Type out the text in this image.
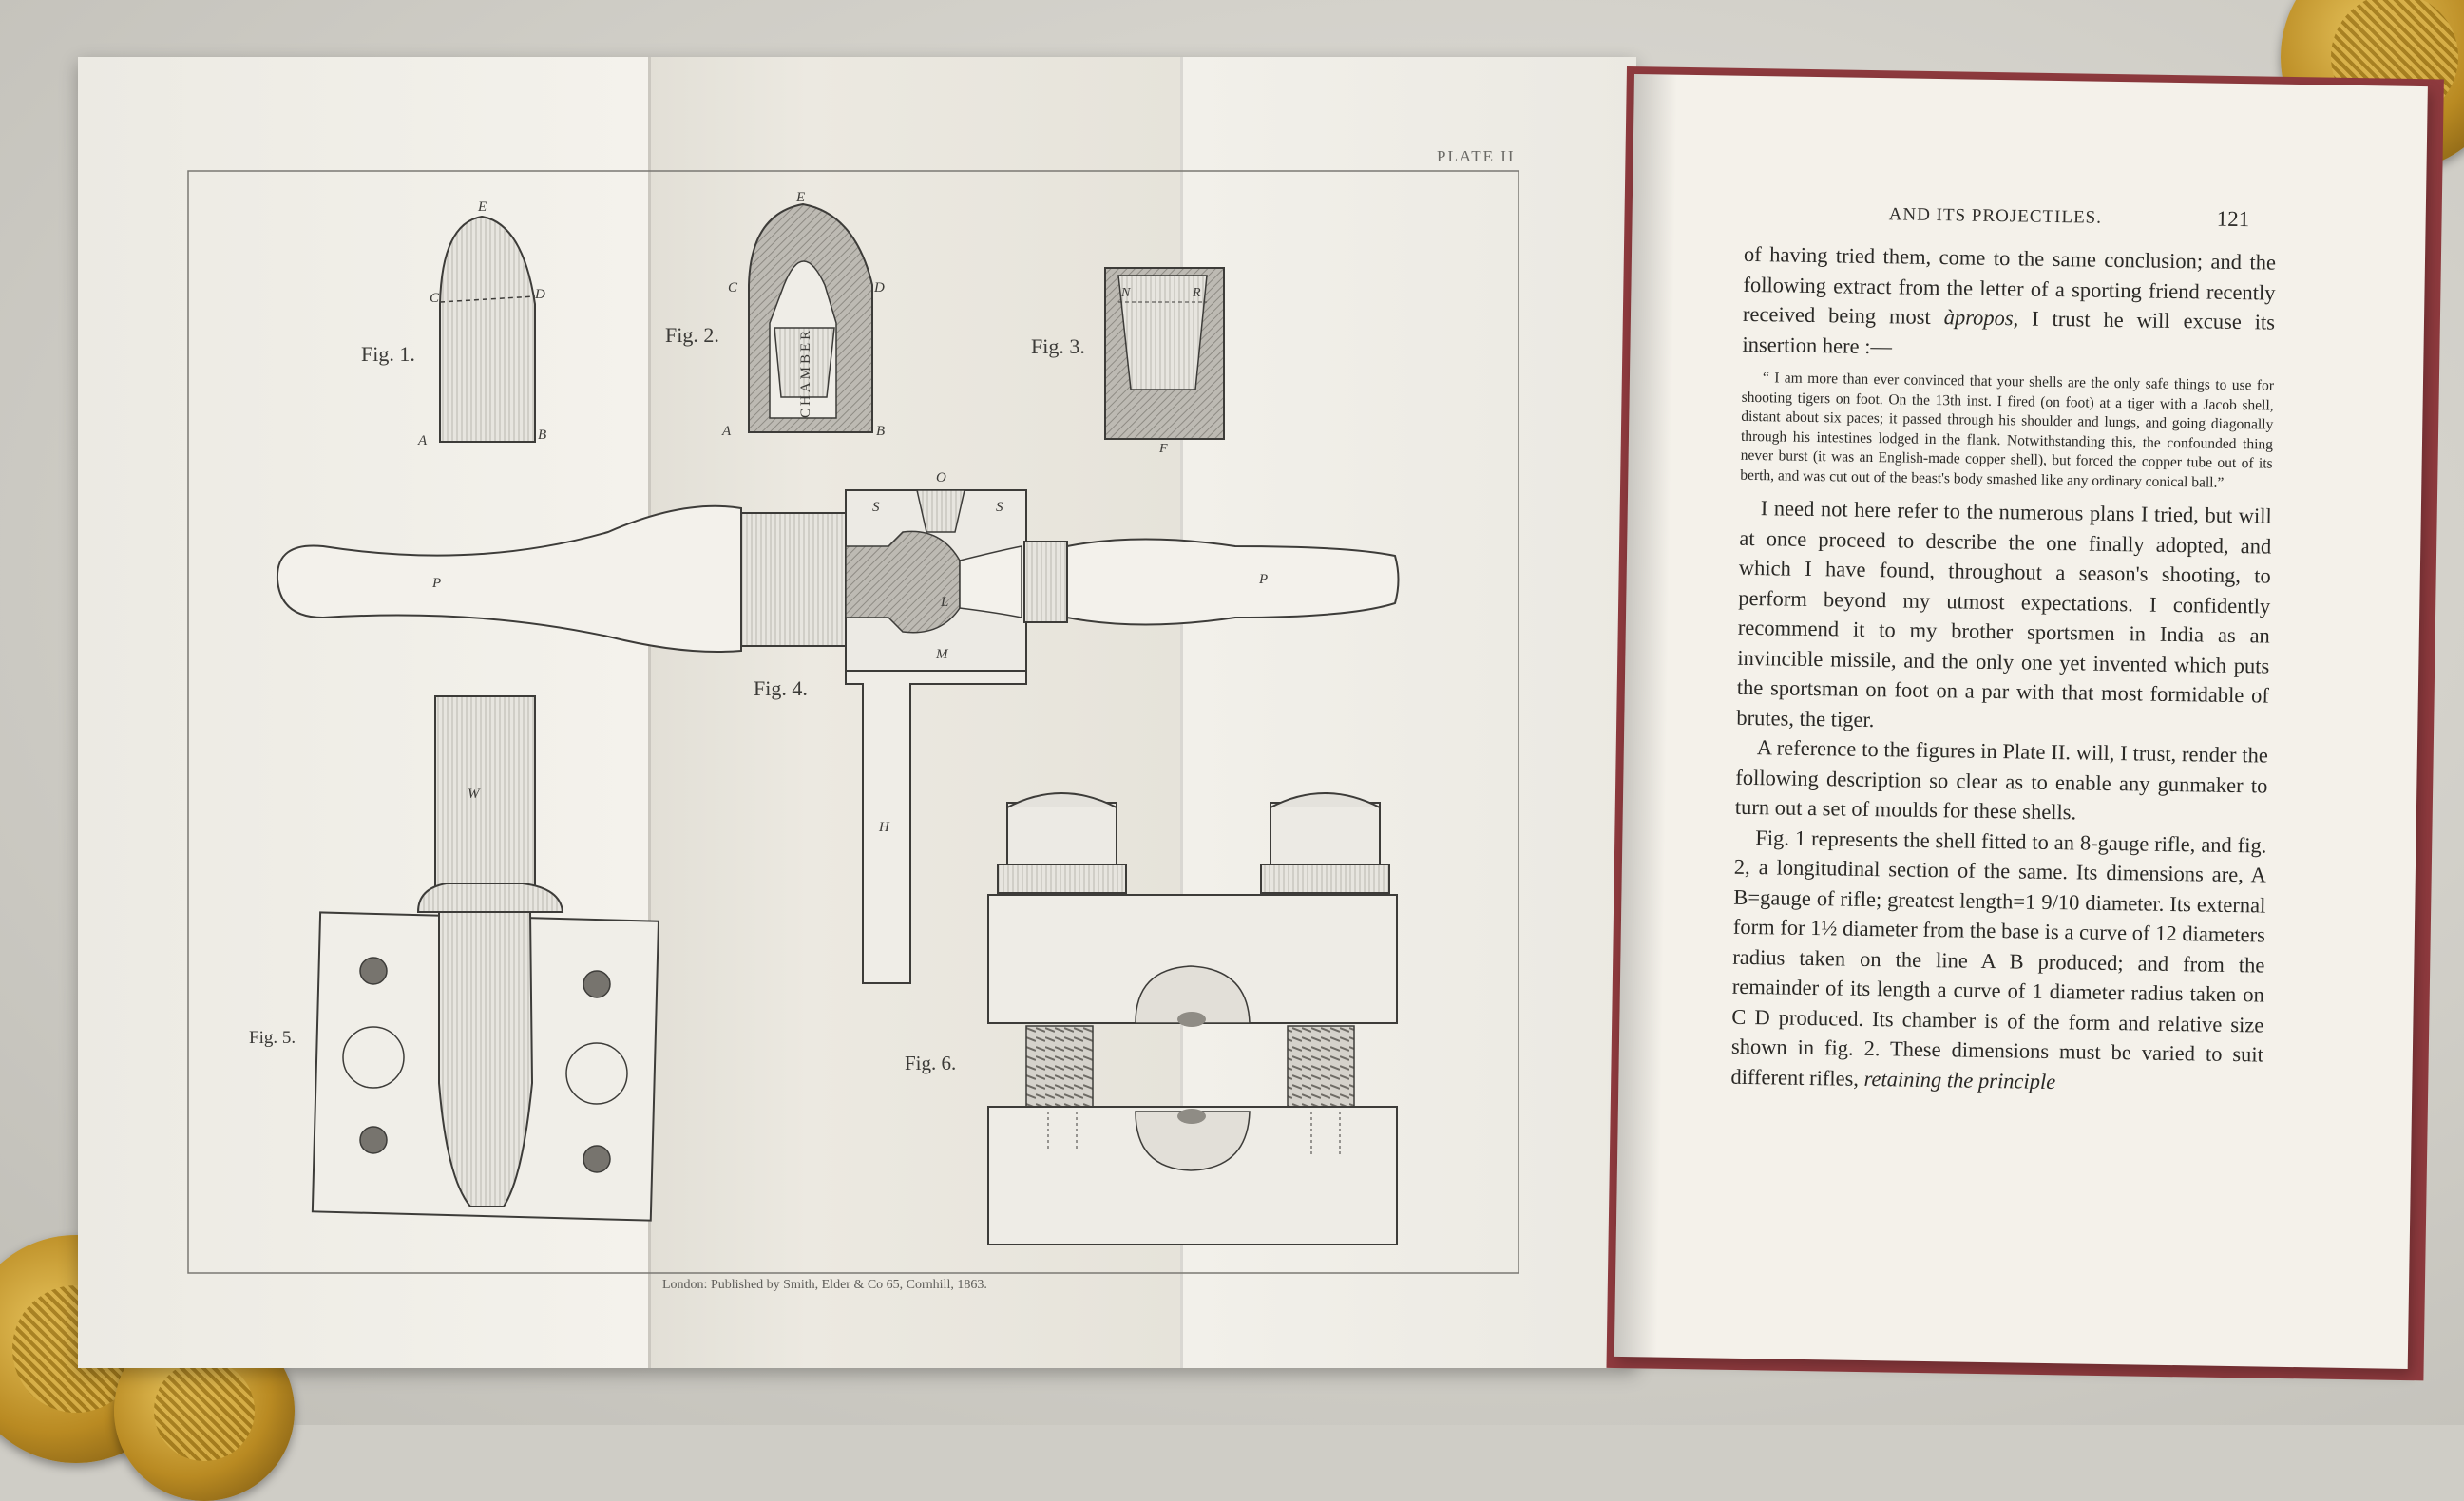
PLATE II
London: Published by Smith, Elder & Co 65, Cornhill, 1863.
Fig. 1.
E
C	D
A	B
CHAMBER
Fig. 2.
E
C	D
A	B
Fig. 3.
N	R
F
Fig. 4.
O
S	S
P	P
L
M
H
Fig. 5.
W
Fig. 6.
AND ITS PROJECTILES.	121

of having tried them, come to the same conclusion; and the following extract from the letter of a sporting friend recently received being most àpropos, I trust he will excuse its insertion here :—

“ I am more than ever convinced that your shells are the only safe things to use for shooting tigers on foot. On the 13th inst. I fired (on foot) at a tiger with a Jacob shell, distant about six paces; it passed through his shoulder and lungs, and going diagonally through his intestines lodged in the flank. Notwithstanding this, the confounded thing never burst (it was an English-made copper shell), but forced the copper tube out of its berth, and was cut out of the beast's body smashed like any ordinary conical ball.”

I need not here refer to the numerous plans I tried, but will at once proceed to describe the one finally adopted, and which I have found, throughout a season's shooting, to perform beyond my utmost expectations. I confidently recommend it to my brother sportsmen in India as an invincible missile, and the only one yet invented which puts the sportsman on foot on a par with that most formidable of brutes, the tiger.

A reference to the figures in Plate II. will, I trust, render the following description so clear as to enable any gunmaker to turn out a set of moulds for these shells.

Fig. 1 represents the shell fitted to an 8-gauge rifle, and fig. 2, a longitudinal section of the same. Its dimensions are, A B=gauge of rifle; greatest length=1 9/10 diameter. Its external form for 1½ diameter from the base is a curve of 12 diameters radius taken on the line A B produced; and from the remainder of its length a curve of 1 diameter radius taken on C D produced. Its chamber is of the form and relative size shown in fig. 2. These dimensions must be varied to suit different rifles, retaining the principle
